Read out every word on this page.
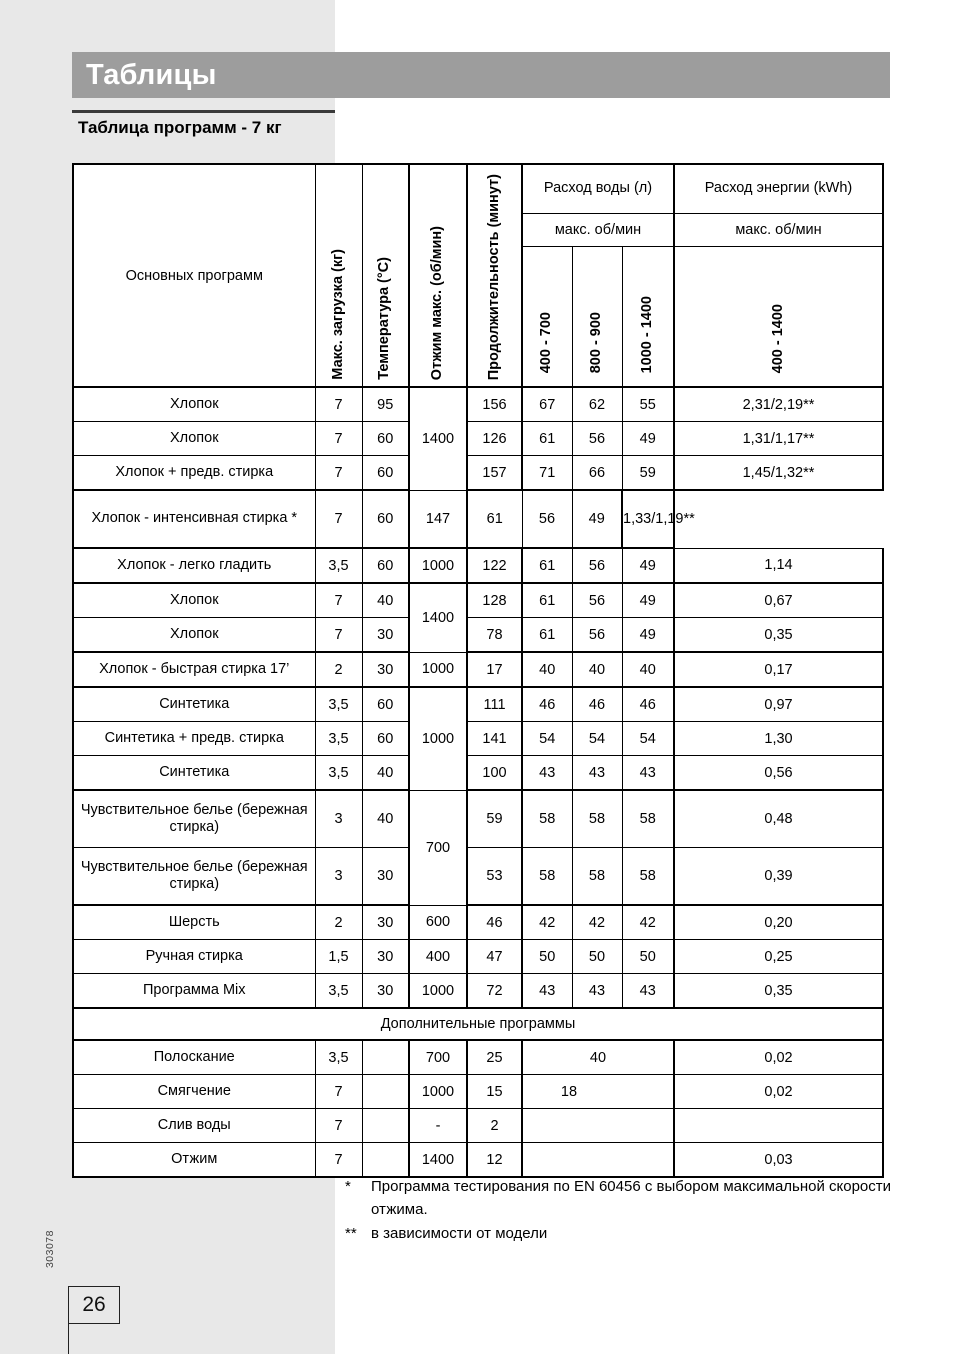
Таблицы
Таблица программ - 7 кг
Основных программ	Макс. загрузка (кг)	Температура (°C)	Отжим макс. (об/мин)	Продолжительность (минут)	Расход воды (л)			Расход энергии (kWh)
					макс. об/мин			макс. об/мин

					400 - 700	800 - 900	1000 - 1400	400 - 1400

Хлопок	7	95	1400	156	67	62	55	2,31/2,19**
Хлопок	7	60		126	61	56	49	1,31/1,17**
Хлопок + предв. стирка	7	60		157	71	66	59	1,45/1,32**
Хлопок - интенсивная стирка *	7	60	147	61	56	49	1,33/1,19**	
Хлопок - легко гладить	3,5	60	1000	122	61	56	49	1,14
Хлопок	7	40	1400	128	61	56	49	0,67
Хлопок	7	30		78	61	56	49	0,35
Хлопок - быстрая стирка 17’	2	30	1000	17	40	40	40	0,17
Синтетика	3,5	60	1000	111	46	46	46	0,97
Синтетика + предв. стирка	3,5	60		141	54	54	54	1,30
Синтетика	3,5	40		100	43	43	43	0,56
Чувствительное белье (бережная стирка)	3	40	700	59	58	58	58	0,48
Чувствительное белье (бережная стирка)	3	30		53	58	58	58	0,39
Шерсть	2	30	600	46	42	42	42	0,20
Ручная стирка	1,5	30	400	47	50	50	50	0,25
Программа Mix	3,5	30	1000	72	43	43	43	0,35
Дополнительные программы								
Полоскание	3,5		700	25	40			0,02
Смягчение	7		1000	15	18			0,02
Слив воды	7		-	2				
Отжим	7		1400	12				0,03
*	Программа тестирования по EN 60456 с выбором максимальной скорости отжима.
** в зависимости от модели
303078
26
